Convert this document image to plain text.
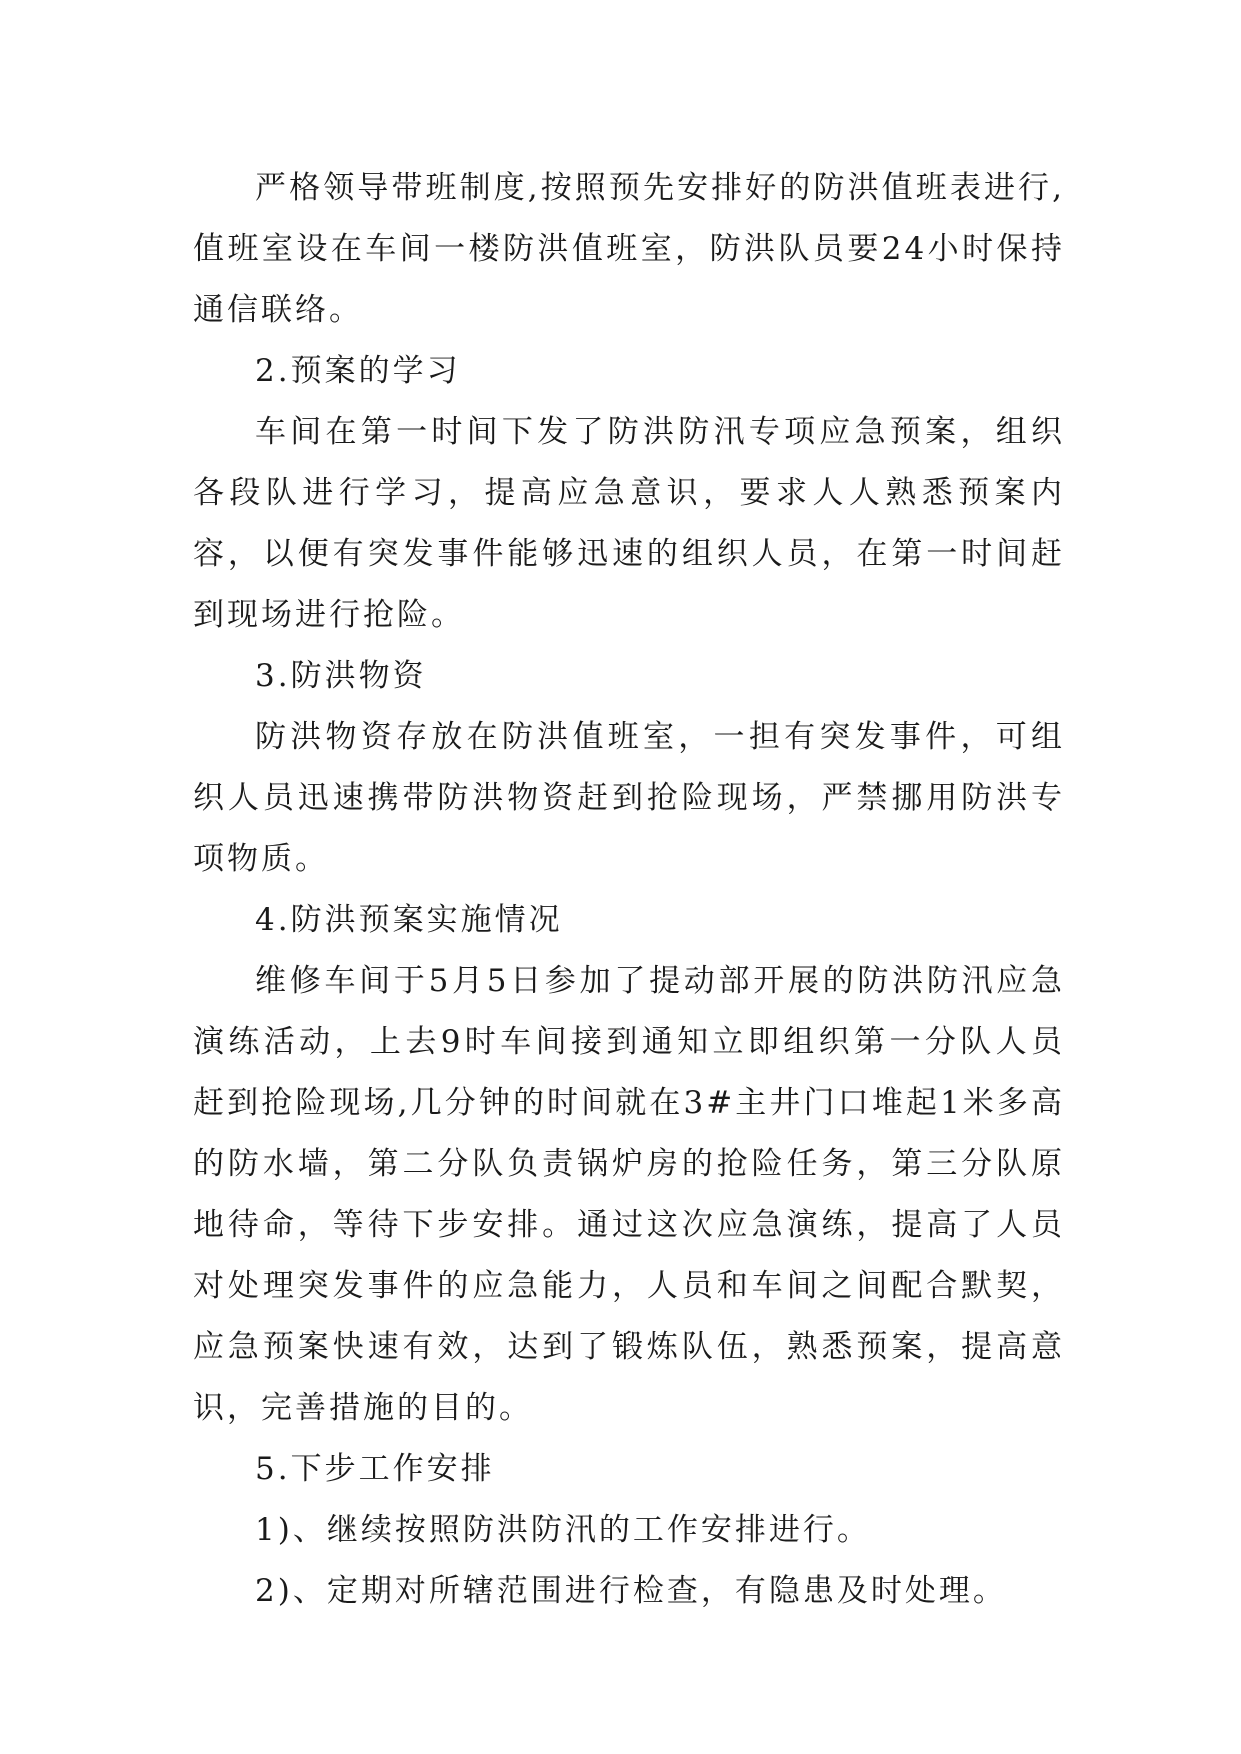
严格领导带班制度,按照预先安排好的防洪值班表进行,值班室设在车间一楼防洪值班室，防洪队员要24小时保持通信联络。

2.预案的学习

车间在第一时间下发了防洪防汛专项应急预案，组织各段队进行学习，提高应急意识，要求人人熟悉预案内容，以便有突发事件能够迅速的组织人员，在第一时间赶到现场进行抢险。

3.防洪物资

防洪物资存放在防洪值班室，一担有突发事件，可组织人员迅速携带防洪物资赶到抢险现场，严禁挪用防洪专项物质。

4.防洪预案实施情况

维修车间于5月5日参加了提动部开展的防洪防汛应急演练活动，上去9时车间接到通知立即组织第一分队人员赶到抢险现场,几分钟的时间就在3#主井门口堆起1米多高的防水墙，第二分队负责锅炉房的抢险任务，第三分队原地待命，等待下步安排。通过这次应急演练，提高了人员对处理突发事件的应急能力，人员和车间之间配合默契，应急预案快速有效，达到了锻炼队伍，熟悉预案，提高意识，完善措施的目的。

5.下步工作安排

1)、继续按照防洪防汛的工作安排进行。

2)、定期对所辖范围进行检查，有隐患及时处理。
